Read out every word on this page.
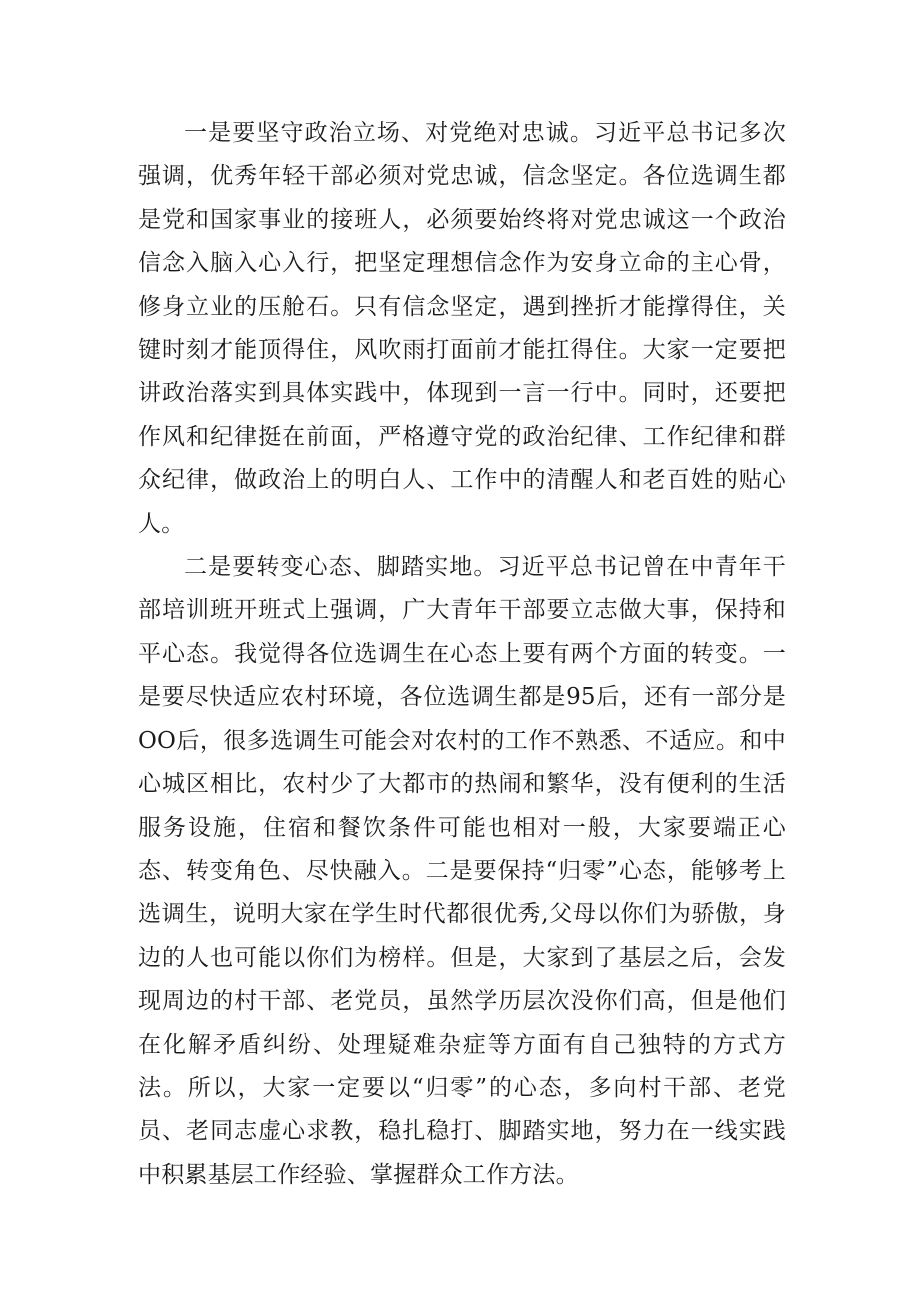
一是要坚守政治立场、对党绝对忠诚。习近平总书记多次强调，优秀年轻干部必须对党忠诚，信念坚定。各位选调生都是党和国家事业的接班人，必须要始终将对党忠诚这一个政治信念入脑入心入行，把坚定理想信念作为安身立命的主心骨，修身立业的压舱石。只有信念坚定，遇到挫折才能撑得住，关键时刻才能顶得住，风吹雨打面前才能扛得住。大家一定要把讲政治落实到具体实践中，体现到一言一行中。同时，还要把作风和纪律挺在前面，严格遵守党的政治纪律、工作纪律和群众纪律，做政治上的明白人、工作中的清醒人和老百姓的贴心人。

二是要转变心态、脚踏实地。习近平总书记曾在中青年干部培训班开班式上强调，广大青年干部要立志做大事，保持和平心态。我觉得各位选调生在心态上要有两个方面的转变。一是要尽快适应农村环境，各位选调生都是95后，还有一部分是OO后，很多选调生可能会对农村的工作不熟悉、不适应。和中心城区相比，农村少了大都市的热闹和繁华，没有便利的生活服务设施，住宿和餐饮条件可能也相对一般，大家要端正心态、转变角色、尽快融入。二是要保持“归零”心态，能够考上选调生，说明大家在学生时代都很优秀,父母以你们为骄傲，身边的人也可能以你们为榜样。但是，大家到了基层之后，会发现周边的村干部、老党员，虽然学历层次没你们高，但是他们在化解矛盾纠纷、处理疑难杂症等方面有自己独特的方式方法。所以，大家一定要以“归零”的心态，多向村干部、老党员、老同志虚心求教，稳扎稳打、脚踏实地，努力在一线实践中积累基层工作经验、掌握群众工作方法。
